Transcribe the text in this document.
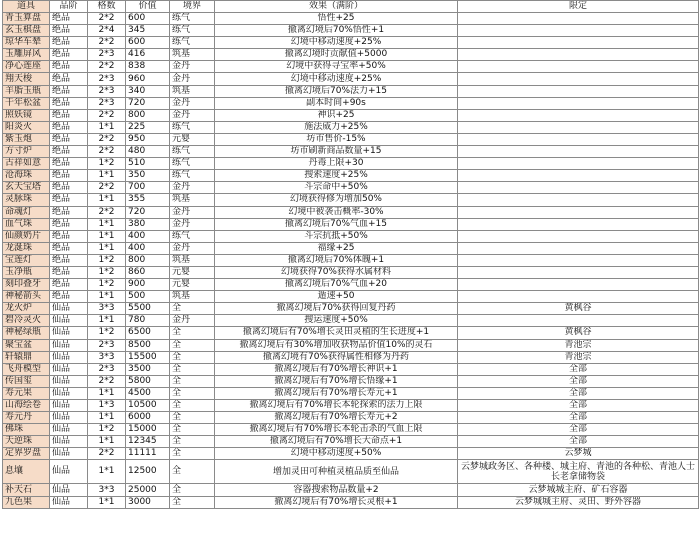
道具	品阶	格数	价值	境界	效果（满阶）	限定
青玉算盘	绝品	2*2	600	练气	悟性+25	
玄玉棋盘	绝品	2*4	345	练气	撤离幻境后70%悟性+1	
琼华车辇	绝品	2*2	600	练气	幻境中移动速度+25%	
玉雕屏风	绝品	2*3	416	筑基	撤离幻境时贡献值+5000	
净心莲座	绝品	2*2	838	金丹	幻境中获得寻宝率+50%	
翔天梭	绝品	2*3	960	金丹	幻境中移动速度+25%	
羊脂玉瓶	绝品	2*3	340	筑基	撤离幻境后70%法力+15	
干年松盆	绝品	2*3	720	金丹	副本时间+90s	
照妖镜	绝品	2*2	800	金丹	神识+25	
阳炎火	绝品	1*1	225	练气	施法威力+25%	
紫玉炮	绝品	2*2	950	元婴	坊市售价-15%	
方寸炉	绝品	2*2	480	练气	坊市刷新商品数量+15	
古祥如意	绝品	1*2	510	练气	丹毒上限+30	
沧海珠	绝品	1*1	350	练气	搜索速度+25%	
玄天宝塔	绝品	2*2	700	金丹	斗宗命中+50%	
灵脉珠	绝品	1*1	355	筑基	幻境获得修为增加50%	
命魂灯	绝品	2*2	720	金丹	幻境中被袭击概率-30%	
血气珠	绝品	1*1	380	金丹	撤离幻境后70%气血+15	
仙颜奶片	绝品	1*1	400	练气	斗宗抗抵+50%	
龙涎珠	绝品	1*1	400	金丹	福缘+25	
宝莲灯	绝品	1*2	800	筑基	撤离幻境后70%体魄+1	
玉净瓶	绝品	1*2	860	元婴	幻境获得70%获得水属材料	
刻印叠牙	绝品	1*2	900	元婴	撤离幻境后70%气血+20	
神秘箭头	绝品	1*1	500	筑基	遁速+50	
龙火炉	仙品	3*3	5500	全	撤离幻境后70%获得回复丹药	黄枫谷
碧冷灵火	仙品	1*1	780	金丹	搜运速度+50%	
神秘绿瓶	仙品	1*2	6500	全	撤离幻境后有70%增长灵田灵植的生长进度+1	黄枫谷
聚宝盆	仙品	2*3	8500	全	撤离幻境后有30%增加收获物品价值10%的灵石	青池宗
轩辕鼎	仙品	3*3	15500	全	撤离幻境有70%获得属性相修为丹药	青池宗
飞舟模型	仙品	2*3	3500	全	撤离幻境后有70%增长神识+1	全部
传国玺	仙品	2*2	5800	全	撤离幻境后有70%增长悟缘+1	全部
寿元果	仙品	1*1	4500	全	撤离幻境后有70%增长寿元+1	全部
山海绘卷	仙品	1*3	10500	全	撤离幻境后有70%增长本轮探索的法力上限	全部
寿元丹	仙品	1*1	6000	全	撤离幻境后有70%增长寿元+2	全部
佛珠	仙品	1*2	15000	全	撤离幻境后有70%增长本轮击杀的气血上限	全部
天逆珠	仙品	1*1	12345	全	撤离幻境后有70%增长大命点+1	全部
定界罗盘	仙品	2*2	11111	全	幻境中移动速度+50%	云梦城
息壤	仙品	1*1	12500	全	增加灵田可种植灵植品质至仙品	云梦城政务区、各种楼、城主府、青池的各种松、青池人士长老拿储物袋
补天石	仙品	3*3	25000	全	容器搜索物品数量+2	云梦城城主府、矿石容器
九色果	仙品	1*1	3000	全	撤离幻境后有70%增长灵根+1	云梦城城主府、灵田、野外容器
